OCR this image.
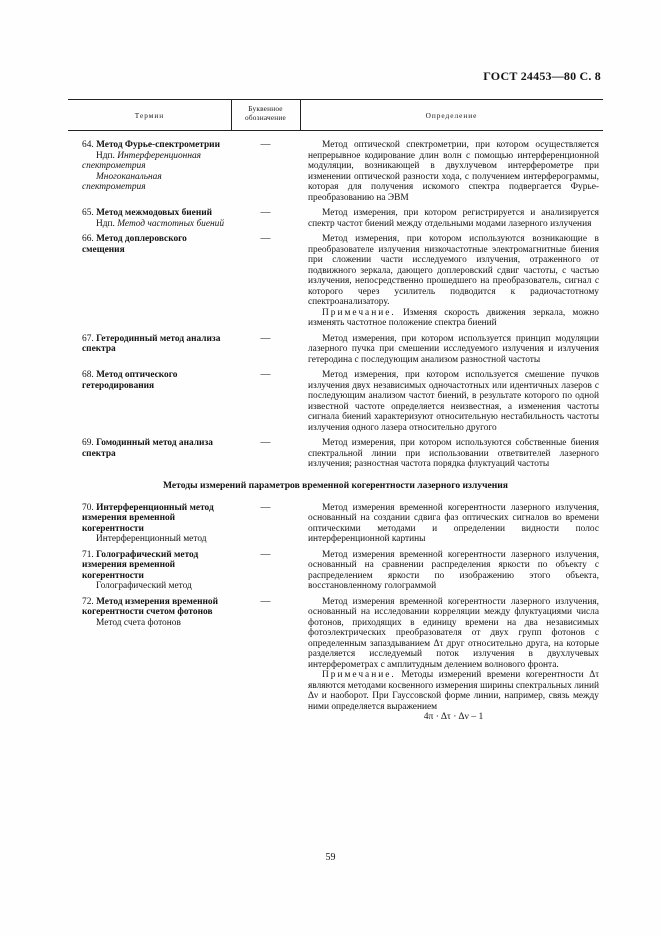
ГОСТ 24453—80 С. 8
Термин
Буквенное обозначение	Определение
64. Метод Фурье-спектрометрии
Ндп. Интерференционная спектрометрия
Многоканальная спектрометрия
—	Метод оптической спектрометрии, при котором осуществляется непрерывное кодирование длин волн с помощью интерференционной модуляции, возникающей в двухлучевом интерферометре при изменении оптической разности хода, с получением интерферограммы, которая для получения искомого спектра подвергается Фурье-преобразованию на ЭВМ

65. Метод межмодовых биений
Ндп. Метод частотных биений
—	Метод измерения, при котором регистрируется и анализируется спектр частот биений между отдельными модами лазерного излучения

66. Метод доплеровского смещения
—	Метод измерения, при котором используются возникающие в преобразователе излучения низкочастотные электромагнитные биения при сложении части исследуемого излучения, отраженного от подвижного зеркала, дающего доплеровский сдвиг частоты, с частью излучения, непосредственно прошедшего на преобразователь, сигнал с которого через усилитель подводится к радиочастотному спектроанализатору.

Примечание. Изменяя скорость движения зеркала, можно изменять частотное положение спектра биений

67. Гетеродинный метод анализа спектра
—	Метод измерения, при котором используется принцип модуляции лазерного пучка при смешении исследуемого излучения и излучения гетеродина с последующим анализом разностной частоты

68. Метод оптического гетеродирования
—	Метод измерения, при котором используется смешение пучков излучения двух независимых одночастотных или идентичных лазеров с последующим анализом частот биений, в результате которого по одной известной частоте определяется неизвестная, а изменения частоты сигнала биений характеризуют относительную нестабильность частоты излучения одного лазера относительно другого

69. Гомодинный метод анализа спектра
—	Метод измерения, при котором используются собственные биения спектральной линии при использовании ответвителей лазерного излучения; разностная частота порядка флуктуаций частоты

Методы измерений параметров временной когерентности лазерного излучения
70. Интерференционный метод измерения временной когерентности
Интерференционный метод
—	Метод измерения временной когерентности лазерного излучения, основанный на создании сдвига фаз оптических сигналов во времени оптическими методами и определении видности полос интерференционной картины

71. Голографический метод измерения временной когерентности
Голографический метод
—	Метод измерения временной когерентности лазерного излучения, основанный на сравнении распределения яркости по объекту с распределением яркости по изображению этого объекта, восстановленному голограммой

72. Метод измерения временной когерентности счетом фотонов
Метод счета фотонов
—	Метод измерения временной когерентности лазерного излучения, основанный на исследовании корреляции между флуктуациями числа фотонов, приходящих в единицу времени на два независимых фотоэлектрических преобразователя от двух групп фотонов с определенным запаздыванием Δτ друг относительно друга, на которые разделяется исследуемый поток излучения в двухлучевых интерферометрах с амплитудным делением волнового фронта.

Примечание. Методы измерений времени когерентности Δτ являются методами косвенного измерения ширины спектральных линий Δν и наоборот. При Гауссовской форме линии, например, связь между ними определяется выражением

4π · Δτ · Δν – 1

59
